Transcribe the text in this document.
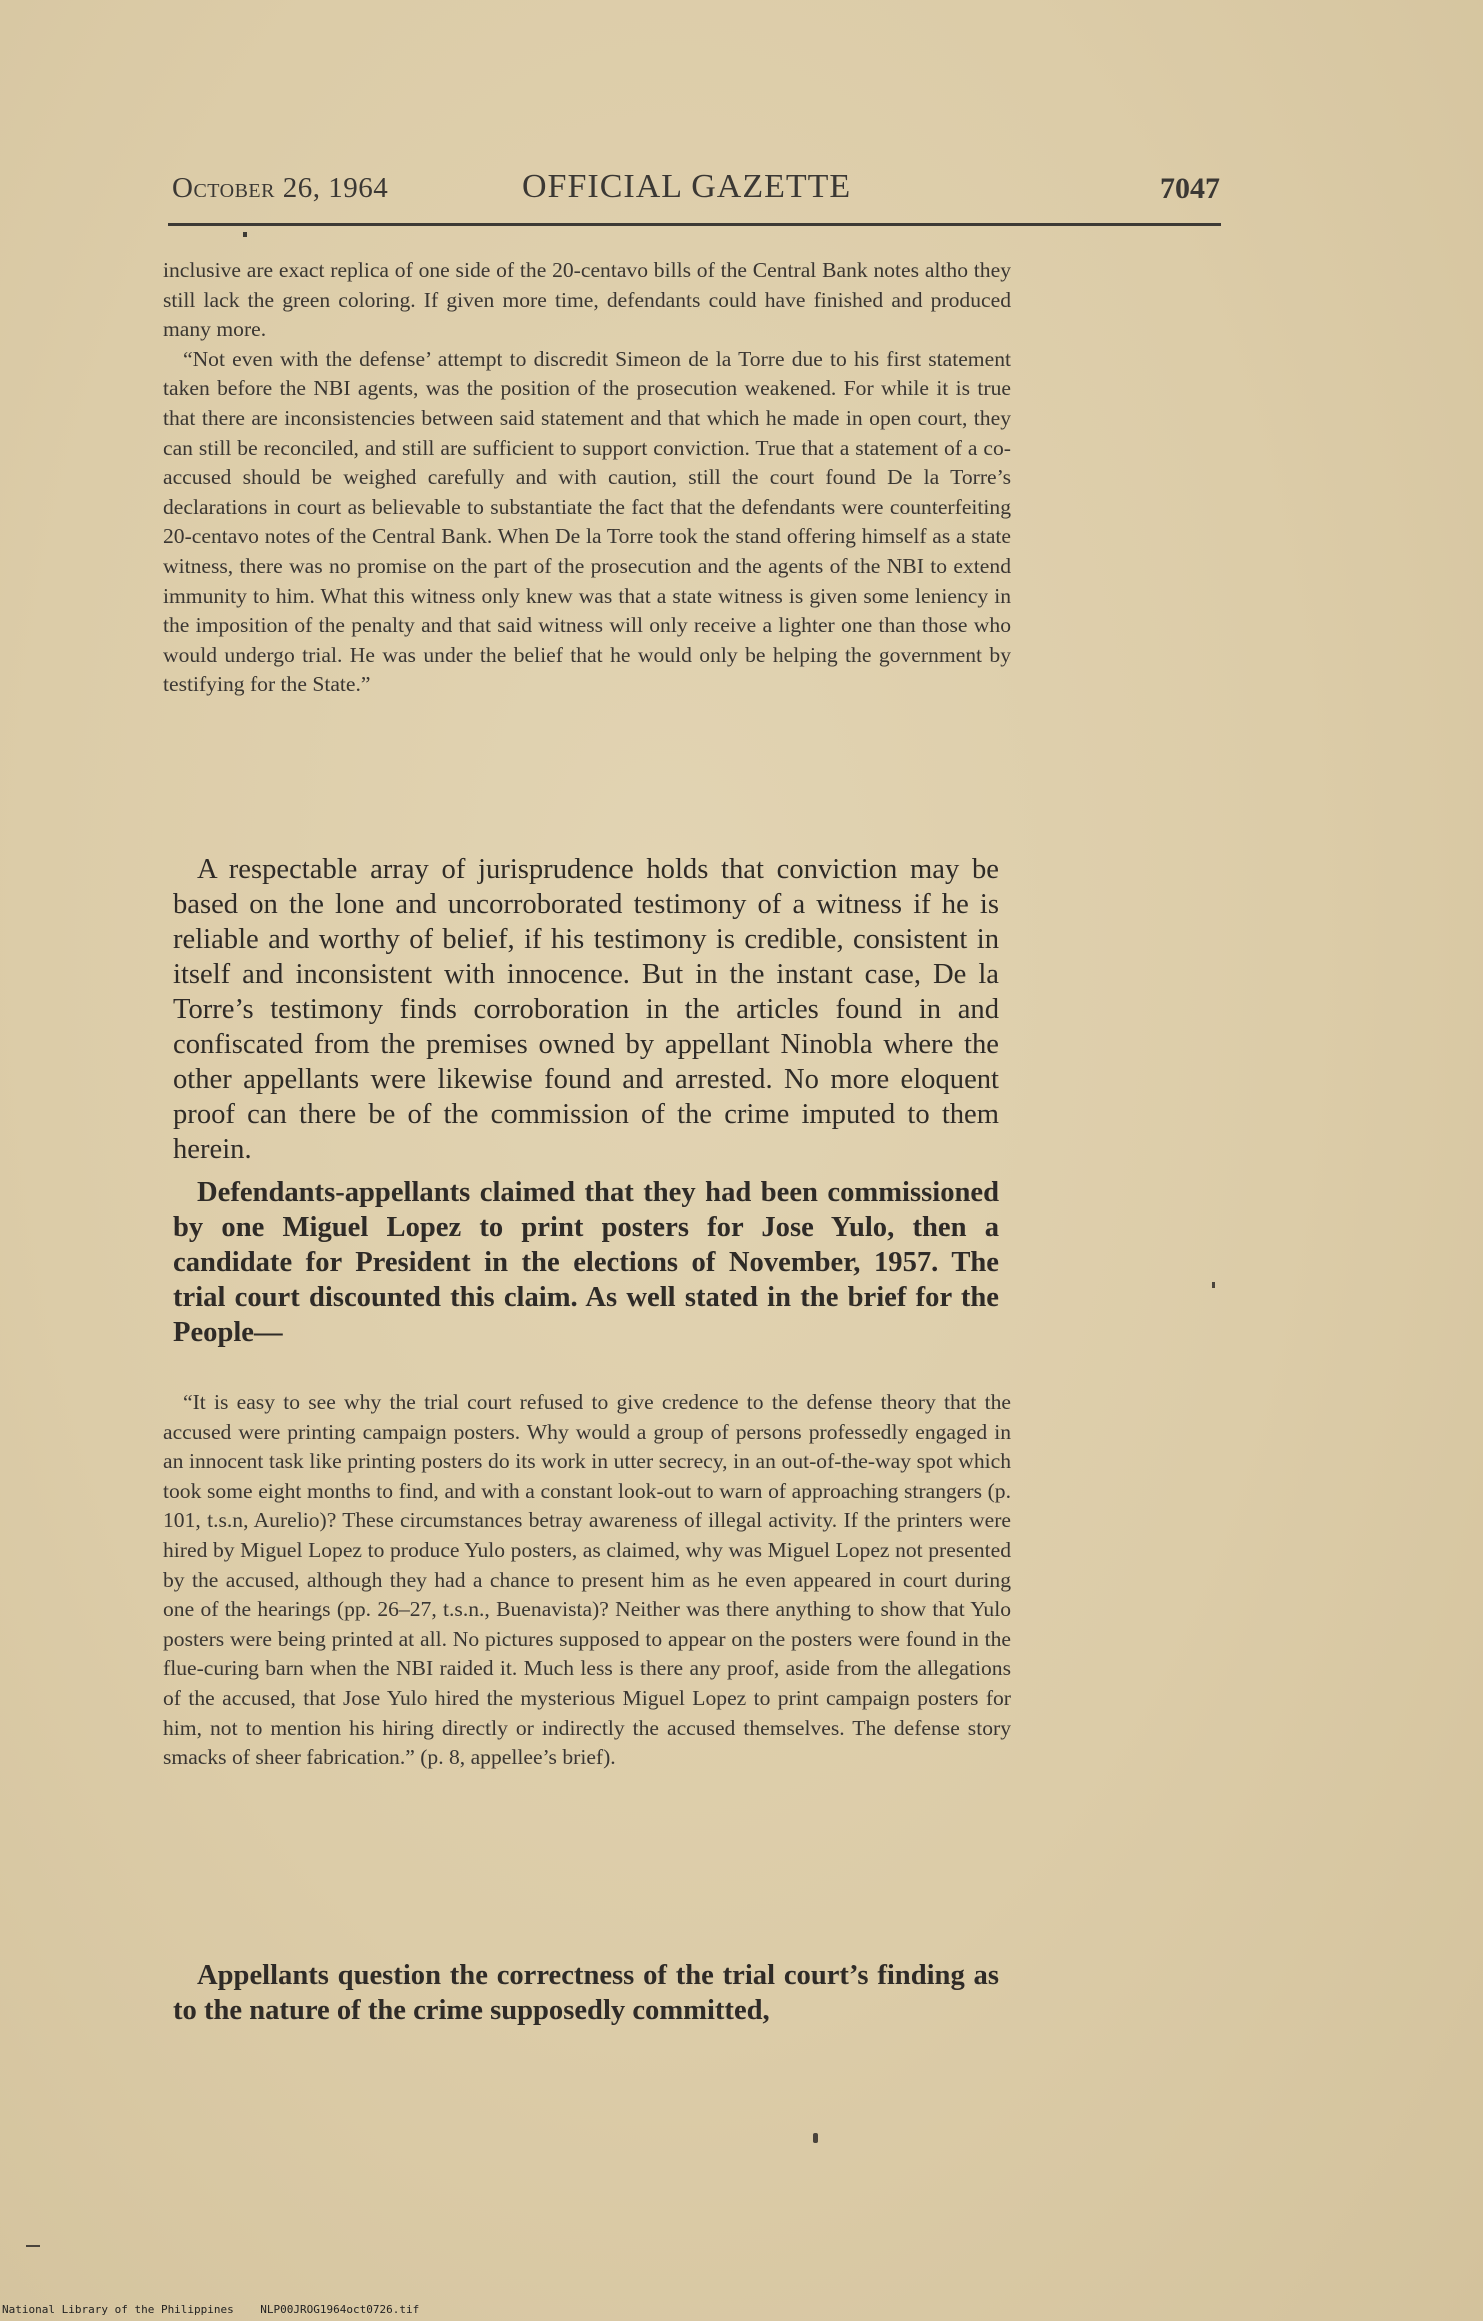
October 26, 1964	OFFICIAL GAZETTE	7047

inclusive are exact replica of one side of the 20-centavo bills of the Central Bank notes altho they still lack the green coloring. If given more time, defendants could have finished and produced many more.

“Not even with the defense’ attempt to discredit Simeon de la Torre due to his first statement taken before the NBI agents, was the position of the prosecution weakened. For while it is true that there are inconsistencies between said statement and that which he made in open court, they can still be reconciled, and still are sufficient to support conviction. True that a statement of a co-accused should be weighed carefully and with caution, still the court found De la Torre’s declarations in court as believable to substantiate the fact that the defendants were counterfeiting 20-centavo notes of the Central Bank. When De la Torre took the stand offering himself as a state witness, there was no promise on the part of the prosecution and the agents of the NBI to extend immunity to him. What this witness only knew was that a state witness is given some leniency in the imposition of the penalty and that said witness will only receive a lighter one than those who would undergo trial. He was under the belief that he would only be helping the government by testifying for the State.”

A respectable array of jurisprudence holds that conviction may be based on the lone and uncorroborated testimony of a witness if he is reliable and worthy of belief, if his testimony is credible, consistent in itself and inconsistent with innocence. But in the instant case, De la Torre’s testimony finds corroboration in the articles found in and confiscated from the premises owned by appellant Ninobla where the other appellants were likewise found and arrested. No more eloquent proof can there be of the commission of the crime imputed to them herein.

Defendants-appellants claimed that they had been commissioned by one Miguel Lopez to print posters for Jose Yulo, then a candidate for President in the elections of November, 1957. The trial court discounted this claim. As well stated in the brief for the People—

“It is easy to see why the trial court refused to give credence to the defense theory that the accused were printing campaign posters. Why would a group of persons professedly engaged in an innocent task like printing posters do its work in utter secrecy, in an out-of-the-way spot which took some eight months to find, and with a constant look-out to warn of approaching strangers (p. 101, t.s.n, Aurelio)? These circumstances betray awareness of illegal activity. If the printers were hired by Miguel Lopez to produce Yulo posters, as claimed, why was Miguel Lopez not presented by the accused, although they had a chance to present him as he even appeared in court during one of the hearings (pp. 26–27, t.s.n., Buenavista)? Neither was there anything to show that Yulo posters were being printed at all. No pictures supposed to appear on the posters were found in the flue-curing barn when the NBI raided it. Much less is there any proof, aside from the allegations of the accused, that Jose Yulo hired the mysterious Miguel Lopez to print campaign posters for him, not to mention his hiring directly or indirectly the accused themselves. The defense story smacks of sheer fabrication.” (p. 8, appellee’s brief).

Appellants question the correctness of the trial court’s finding as to the nature of the crime supposedly committed,

National Library of the Philippines NLP00JROG1964oct0726.tif
